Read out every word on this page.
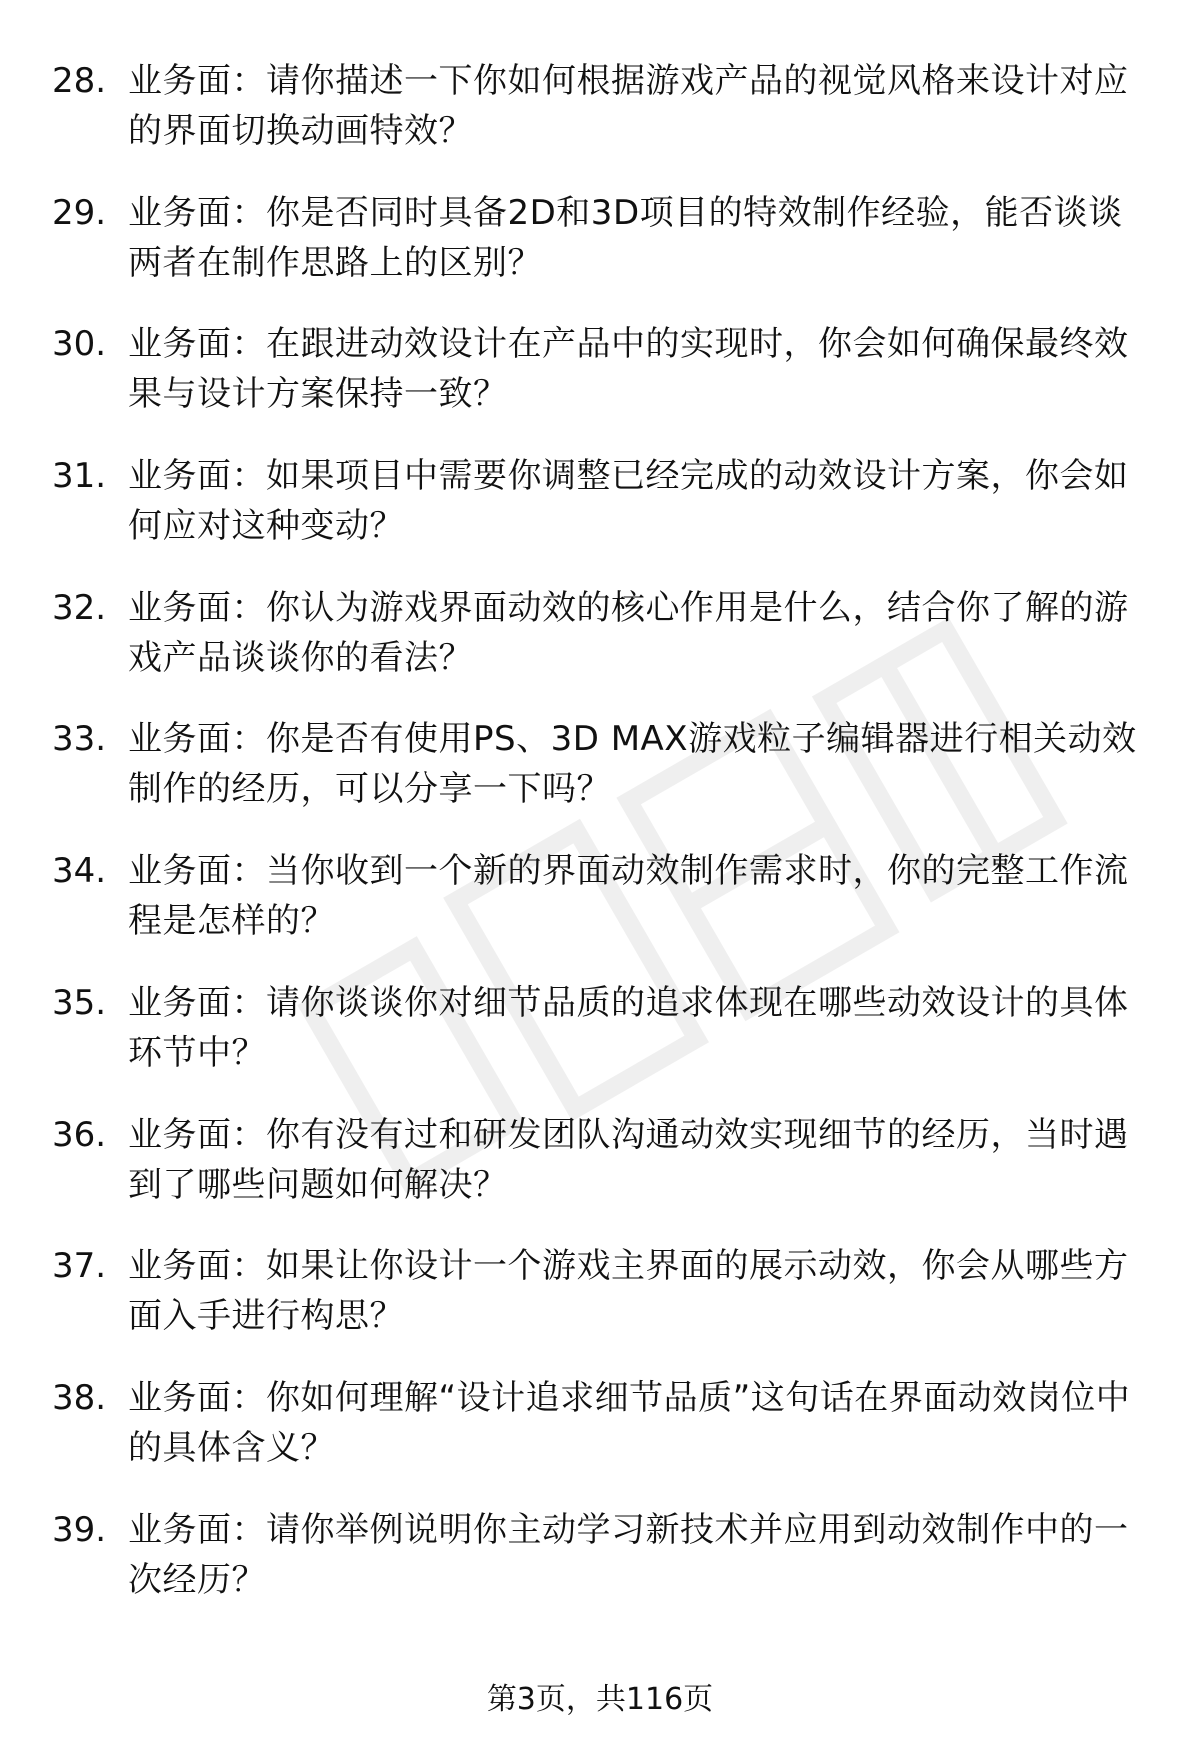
28. 业务面：请你描述一下你如何根据游戏产品的视觉风格来设计对应的界面切换动画特效？
29. 业务面：你是否同时具备2D和3D项目的特效制作经验，能否谈谈两者在制作思路上的区别？
30. 业务面：在跟进动效设计在产品中的实现时，你会如何确保最终效果与设计方案保持一致？
31. 业务面：如果项目中需要你调整已经完成的动效设计方案，你会如何应对这种变动？
32. 业务面：你认为游戏界面动效的核心作用是什么，结合你了解的游戏产品谈谈你的看法？
33. 业务面：你是否有使用PS、3D MAX游戏粒子编辑器进行相关动效制作的经历，可以分享一下吗？
34. 业务面：当你收到一个新的界面动效制作需求时，你的完整工作流程是怎样的？
35. 业务面：请你谈谈你对细节品质的追求体现在哪些动效设计的具体环节中？
36. 业务面：你有没有过和研发团队沟通动效实现细节的经历，当时遇到了哪些问题如何解决？
37. 业务面：如果让你设计一个游戏主界面的展示动效，你会从哪些方面入手进行构思？
38. 业务面：你如何理解“设计追求细节品质”这句话在界面动效岗位中的具体含义？
39. 业务面：请你举例说明你主动学习新技术并应用到动效制作中的一次经历？
第3页，共116页
